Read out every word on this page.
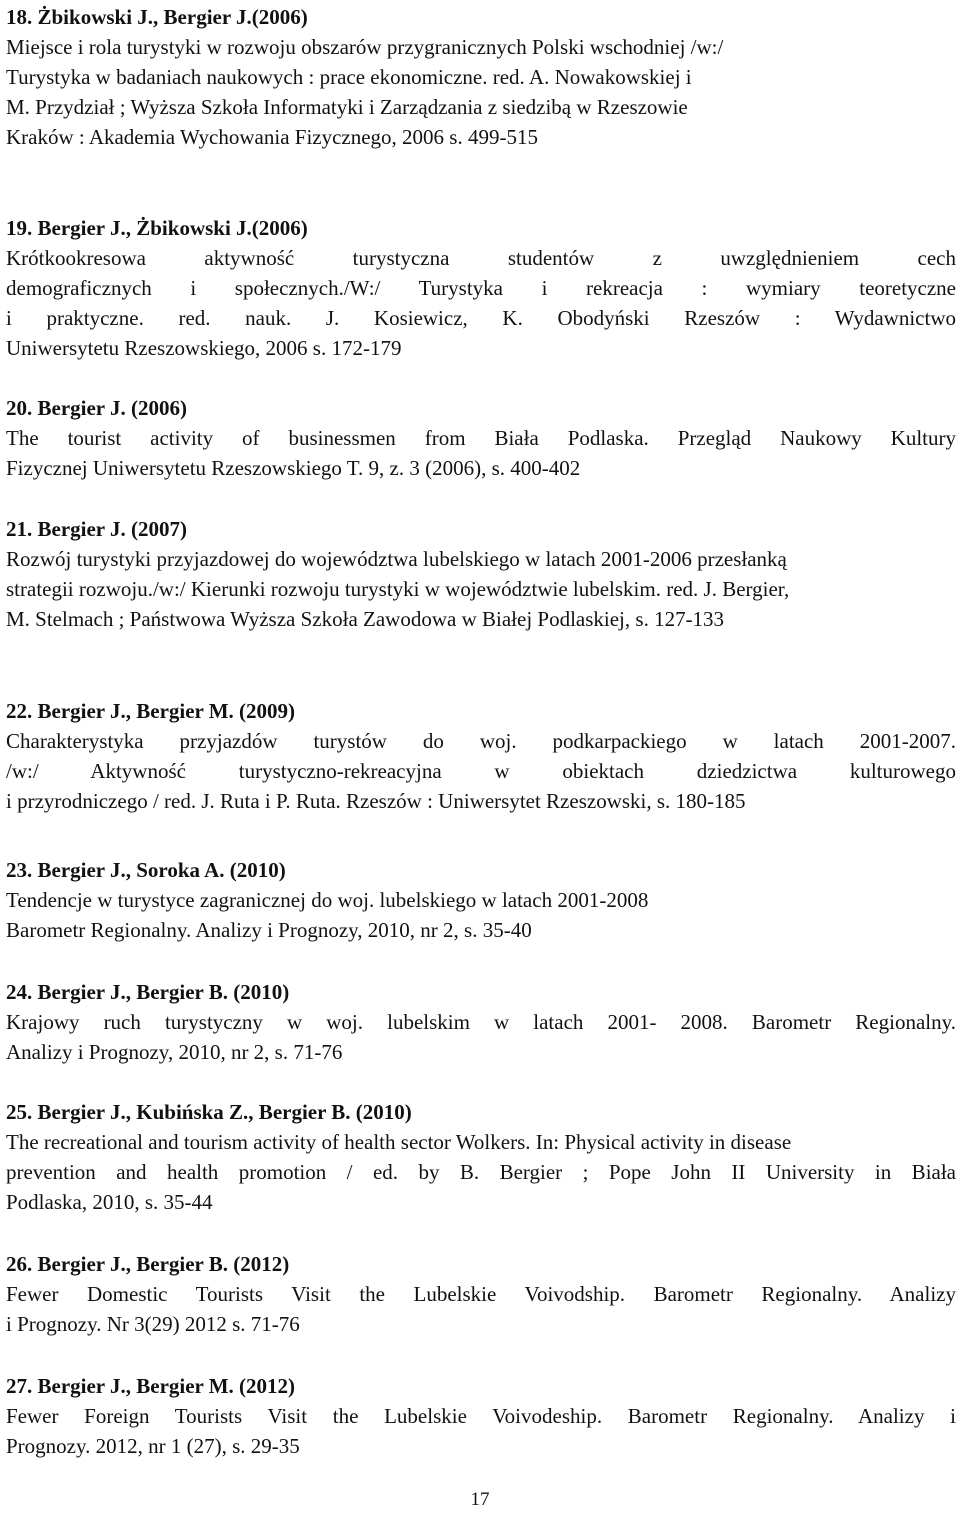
18. Żbikowski J., Bergier J.(2006)
Miejsce i rola turystyki w rozwoju obszarów przygranicznych Polski wschodniej /w:/
Turystyka w badaniach naukowych : prace ekonomiczne. red. A. Nowakowskiej i
M. Przydział ; Wyższa Szkoła Informatyki i Zarządzania z siedzibą w Rzeszowie
Kraków : Akademia Wychowania Fizycznego, 2006 s. 499-515
19. Bergier J., Żbikowski J.(2006)
Krótkookresowa aktywność turystyczna studentów z uwzględnieniem cech
demograficznych i społecznych./W:/ Turystyka i rekreacja : wymiary teoretyczne
i praktyczne. red. nauk. J. Kosiewicz, K. Obodyński Rzeszów : Wydawnictwo
Uniwersytetu Rzeszowskiego, 2006 s. 172-179
20. Bergier J. (2006)
The tourist activity of businessmen from Biała Podlaska. Przegląd Naukowy Kultury
Fizycznej Uniwersytetu Rzeszowskiego T. 9, z. 3 (2006), s. 400-402
21. Bergier J. (2007)
Rozwój turystyki przyjazdowej do województwa lubelskiego w latach 2001-2006 przesłanką
strategii rozwoju./w:/ Kierunki rozwoju turystyki w województwie lubelskim. red. J. Bergier,
M. Stelmach ; Państwowa Wyższa Szkoła Zawodowa w Białej Podlaskiej, s. 127-133
22. Bergier J., Bergier M. (2009)
Charakterystyka przyjazdów turystów do woj. podkarpackiego w latach 2001-2007.
/w:/ Aktywność turystyczno-rekreacyjna w obiektach dziedzictwa kulturowego
i przyrodniczego / red. J. Ruta i P. Ruta. Rzeszów : Uniwersytet Rzeszowski, s. 180-185
23. Bergier J., Soroka A. (2010)
Tendencje w turystyce zagranicznej do woj. lubelskiego w latach 2001-2008
Barometr Regionalny. Analizy i Prognozy, 2010, nr 2, s. 35-40
24. Bergier J., Bergier B. (2010)
Krajowy ruch turystyczny w woj. lubelskim w latach 2001- 2008. Barometr Regionalny.
Analizy i Prognozy, 2010, nr 2, s. 71-76
25. Bergier J., Kubińska Z., Bergier B. (2010)
The recreational and tourism activity of health sector Wolkers. In: Physical activity in disease
prevention and health promotion / ed. by B. Bergier ; Pope John II University in Biała
Podlaska, 2010, s. 35-44
26. Bergier J., Bergier B. (2012)
Fewer Domestic Tourists Visit the Lubelskie Voivodship. Barometr Regionalny. Analizy
i Prognozy. Nr 3(29) 2012 s. 71-76
27. Bergier J., Bergier M. (2012)
Fewer Foreign Tourists Visit the Lubelskie Voivodeship. Barometr Regionalny. Analizy i
Prognozy. 2012, nr 1 (27), s. 29-35
17
